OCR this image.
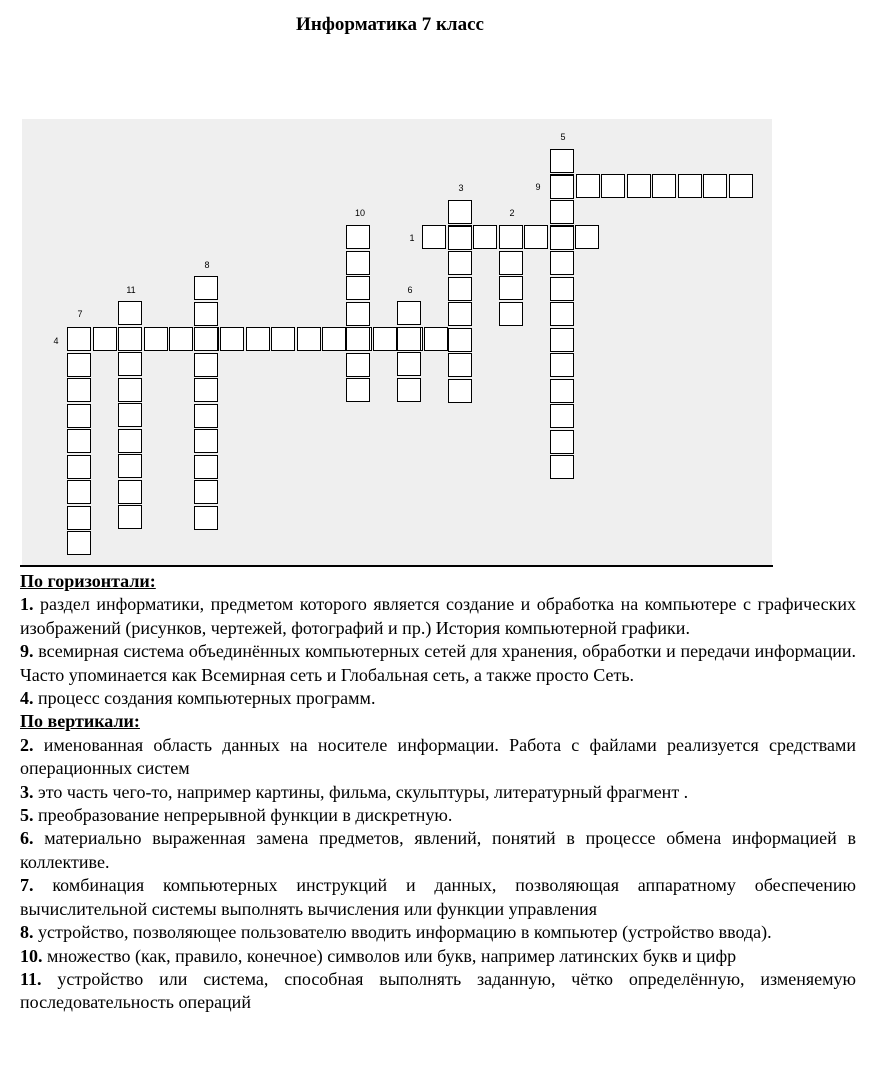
Информатика 7 класс
1
2
3
4
5
6
7
8
9
10
11
По горизонтали:
1. раздел информатики, предметом которого является создание и обработка на компьютере с графических изображений (рисунков, чертежей, фотографий и пр.) История компьютерной графики.
9. всемирная система объединённых компьютерных сетей для хранения, обработки и передачи информации. Часто упоминается как Всемирная сеть и Глобальная сеть, а также просто Сеть.
4. процесс создания компьютерных программ.
По вертикали:
2. именованная область данных на носителе информации. Работа с файлами реализуется средствами операционных систем
3. это часть чего-то, например картины, фильма, скульптуры, литературный фрагмент .
5. преобразование непрерывной функции в дискретную.
6. материально выраженная замена предметов, явлений, понятий в процессе обмена информацией в коллективе.
7. комбинация компьютерных инструкций и данных, позволяющая аппаратному обеспечению вычислительной системы выполнять вычисления или функции управления
8. устройство, позволяющее пользователю вводить информацию в компьютер (устройство ввода).
10. множество (как, правило, конечное) символов или букв, например латинских букв и цифр
11. устройство или система, способная выполнять заданную, чётко определённую, изменяемую последовательность операций
